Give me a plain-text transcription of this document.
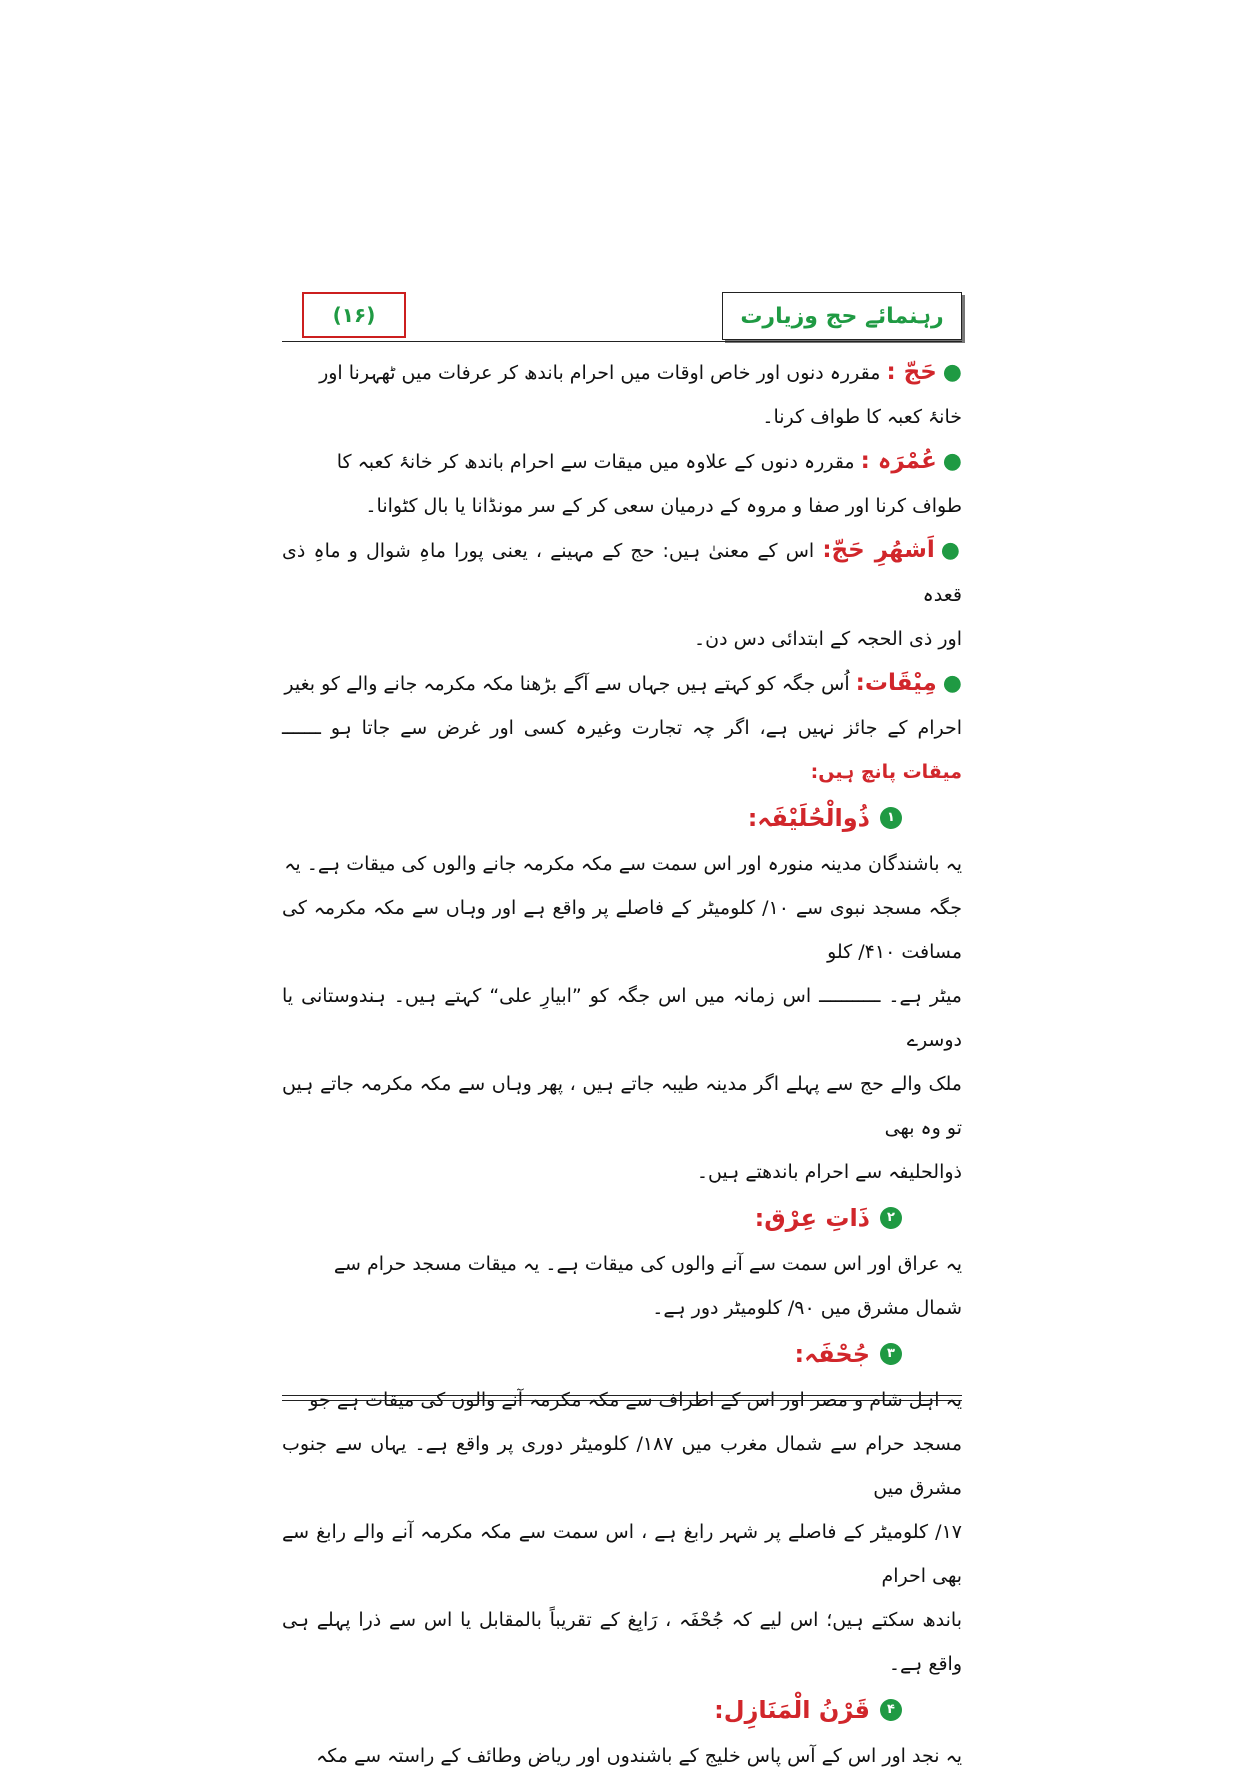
رہنمائے حج وزیارت
(۱۶)
●حَجّ : مقررہ دنوں اور خاص اوقات میں احرام باندھ کر عرفات میں ٹھہرنا اور
خانۂ کعبہ کا طواف کرنا۔
●عُمْرَہ : مقررہ دنوں کے علاوہ میں میقات سے احرام باندھ کر خانۂ کعبہ کا
طواف کرنا اور صفا و مروہ کے درمیان سعی کر کے سر مونڈانا یا بال کٹوانا۔
●اَشھُرِ حَجّ: اس کے معنیٰ ہیں: حج کے مہینے ، یعنی پورا ماہِ شوال و ماہِ ذی قعدہ
اور ذی الحجہ کے ابتدائی دس دن۔
●مِیْقَات: اُس جگہ کو کہتے ہیں جہاں سے آگے بڑھنا مکہ مکرمہ جانے والے کو بغیر
احرام کے جائز نہیں ہے، اگر چہ تجارت وغیرہ کسی اور غرض سے جاتا ہو ـــــــ میقات پانچ ہیں:
۱
ذُوالْحُلَیْفَہ:
یہ باشندگان مدینہ منورہ اور اس سمت سے مکہ مکرمہ جانے والوں کی میقات ہے۔ یہ
جگہ مسجد نبوی سے ۱۰/ کلومیٹر کے فاصلے پر واقع ہے اور وہاں سے مکہ مکرمہ کی مسافت ۴۱۰/ کلو
میٹر ہے۔ ـــــــــــ اس زمانہ میں اس جگہ کو ”ابیارِ علی“ کہتے ہیں۔ ہندوستانی یا دوسرے
ملک والے حج سے پہلے اگر مدینہ طیبہ جاتے ہیں ، پھر وہاں سے مکہ مکرمہ جاتے ہیں تو وہ بھی
ذوالحلیفہ سے احرام باندھتے ہیں۔
۲
ذَاتِ عِرْق:
یہ عراق اور اس سمت سے آنے والوں کی میقات ہے۔ یہ میقات مسجد حرام سے
شمال مشرق میں ۹۰/ کلومیٹر دور ہے۔
۳
جُحْفَہ:
یہ اہل شام و مصر اور اس کے اطراف سے مکہ مکرمہ آنے والوں کی میقات ہے جو
مسجد حرام سے شمال مغرب میں ۱۸۷/ کلومیٹر دوری پر واقع ہے۔ یہاں سے جنوب مشرق میں
۱۷/ کلومیٹر کے فاصلے پر شہر رابغ ہے ، اس سمت سے مکہ مکرمہ آنے والے رابغ سے بھی احرام
باندھ سکتے ہیں؛ اس لیے کہ جُحْفَہ ، رَابِغ کے تقریباً بالمقابل یا اس سے ذرا پہلے ہی واقع ہے۔
۴
قَرْنُ الْمَنَازِل:
یہ نجد اور اس کے آس پاس خلیج کے باشندوں اور ریاض وطائف کے راستہ سے مکہ
